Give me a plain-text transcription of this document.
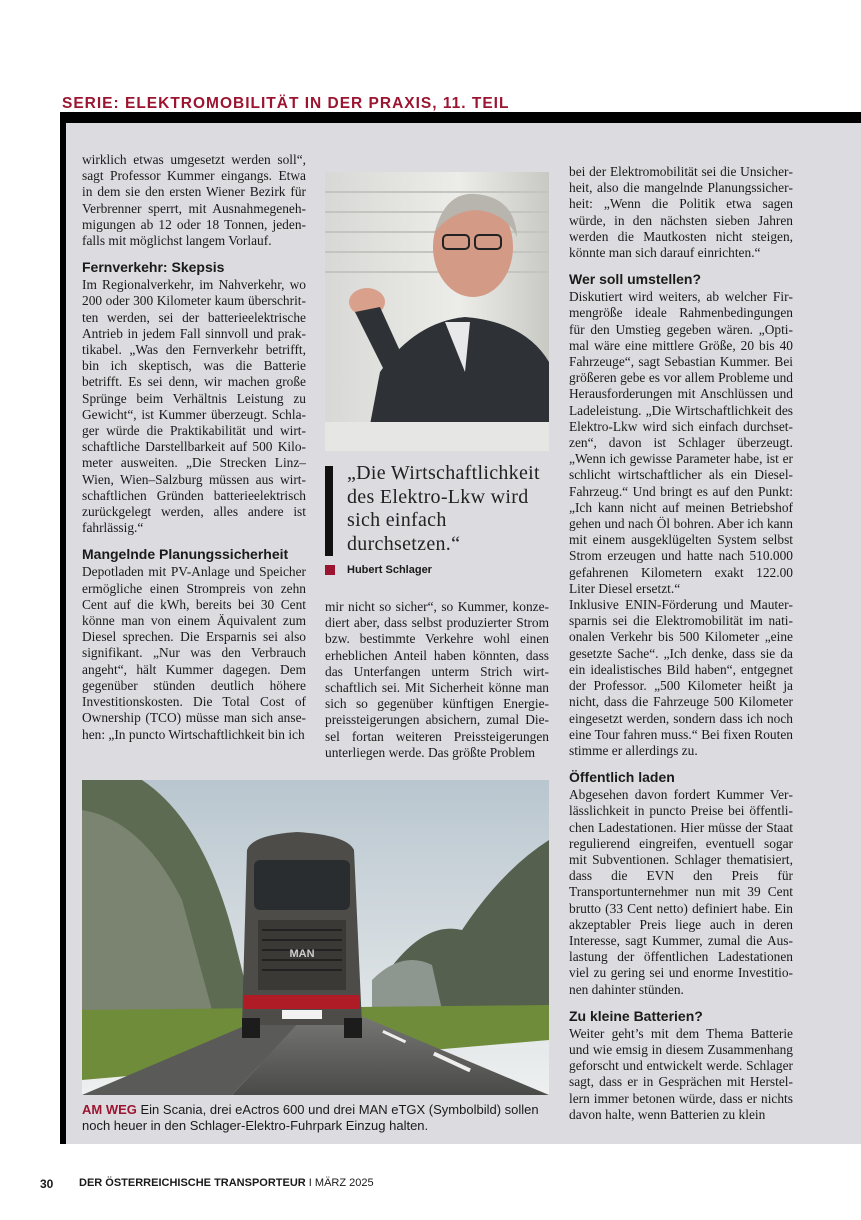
SERIE: ELEKTROMOBILITÄT IN DER PRAXIS, 11. TEIL

wirklich etwas umgesetzt werden soll“, sagt Professor Kummer eingangs. Etwa in dem sie den ersten Wiener Bezirk für Verbrenner sperrt, mit Ausnahmegenehmigungen ab 12 oder 18 Tonnen, jedenfalls mit möglichst langem Vorlauf.

Fernverkehr: Skepsis

Im Regionalverkehr, im Nahverkehr, wo 200 oder 300 Kilometer kaum überschritten werden, sei der batterieelektrische Antrieb in jedem Fall sinnvoll und praktikabel. „Was den Fernverkehr betrifft, bin ich skeptisch, was die Batterie betrifft. Es sei denn, wir machen große Sprünge beim Verhältnis Leistung zu Gewicht“, ist Kummer überzeugt. Schlager würde die Praktikabilität und wirtschaftliche Darstellbarkeit auf 500 Kilometer ausweiten. „Die Strecken Linz–Wien, Wien–Salzburg müssen aus wirtschaftlichen Gründen batterieelektrisch zurückgelegt werden, alles andere ist fahrlässig.“

Mangelnde Planungssicherheit

Depotladen mit PV-Anlage und Speicher ermögliche einen Strompreis von zehn Cent auf die kWh, bereits bei 30 Cent könne man von einem Äquivalent zum Diesel sprechen. Die Ersparnis sei also signifikant. „Nur was den Verbrauch angeht“, hält Kummer dagegen. Dem gegenüber stünden deutlich höhere Investitionskosten. Die Total Cost of Ownership (TCO) müsse man sich ansehen: „In puncto Wirtschaftlichkeit bin ich

„Die Wirtschaftlichkeit des Elektro-Lkw wird sich einfach durchsetzen.“
Hubert Schlager

mir nicht so sicher“, so Kummer, konzediert aber, dass selbst produzierter Strom bzw. bestimmte Verkehre wohl einen erheblichen Anteil haben könnten, dass das Unterfangen unterm Strich wirtschaftlich sei. Mit Sicherheit könne man sich so gegenüber künftigen Energiepreissteigerungen absichern, zumal Diesel fortan weiteren Preissteigerungen unterliegen werde. Das größte Problem

MAN
AM WEG Ein Scania, drei eActros 600 und drei MAN eTGX (Symbolbild) sollen noch heuer in den Schlager-Elektro-Fuhrpark Einzug halten.

bei der Elektromobilität sei die Unsicherheit, also die mangelnde Planungssicherheit: „Wenn die Politik etwa sagen würde, in den nächsten sieben Jahren werden die Mautkosten nicht steigen, könnte man sich darauf einrichten.“

Wer soll umstellen?

Diskutiert wird weiters, ab welcher Firmengröße ideale Rahmenbedingungen für den Umstieg gegeben wären. „Optimal wäre eine mittlere Größe, 20 bis 40 Fahrzeuge“, sagt Sebastian Kummer. Bei größeren gebe es vor allem Probleme und Herausforderungen mit Anschlüssen und Ladeleistung. „Die Wirtschaftlichkeit des Elektro-Lkw wird sich einfach durchsetzen“, davon ist Schlager überzeugt. „Wenn ich gewisse Parameter habe, ist er schlicht wirtschaftlicher als ein Diesel-Fahrzeug.“ Und bringt es auf den Punkt: „Ich kann nicht auf meinen Betriebshof gehen und nach Öl bohren. Aber ich kann mit einem ausgeklügelten System selbst Strom erzeugen und hatte nach 510.000 gefahrenen Kilometern exakt 122.00 Liter Diesel ersetzt.“

Inklusive ENIN-Förderung und Mautersparnis sei die Elektromobilität im nationalen Verkehr bis 500 Kilometer „eine gesetzte Sache“. „Ich denke, dass sie da ein idealistisches Bild haben“, entgegnet der Professor. „500 Kilometer heißt ja nicht, dass die Fahrzeuge 500 Kilometer eingesetzt werden, sondern dass ich noch eine Tour fahren muss.“ Bei fixen Routen stimme er allerdings zu.

Öffentlich laden

Abgesehen davon fordert Kummer Verlässlichkeit in puncto Preise bei öffentlichen Ladestationen. Hier müsse der Staat regulierend eingreifen, eventuell sogar mit Subventionen. Schlager thematisiert, dass die EVN den Preis für Transportunternehmer nun mit 39 Cent brutto (33 Cent netto) definiert habe. Ein akzeptabler Preis liege auch in deren Interesse, sagt Kummer, zumal die Auslastung der öffentlichen Ladestationen viel zu gering sei und enorme Investitionen dahinter stünden.

Zu kleine Batterien?

Weiter geht’s mit dem Thema Batterie und wie emsig in diesem Zusammenhang geforscht und entwickelt werde. Schlager sagt, dass er in Gesprächen mit Herstellern immer betonen würde, dass er nichts davon halte, wenn Batterien zu klein

30 DER ÖSTERREICHISCHE TRANSPORTEUR I MÄRZ 2025
